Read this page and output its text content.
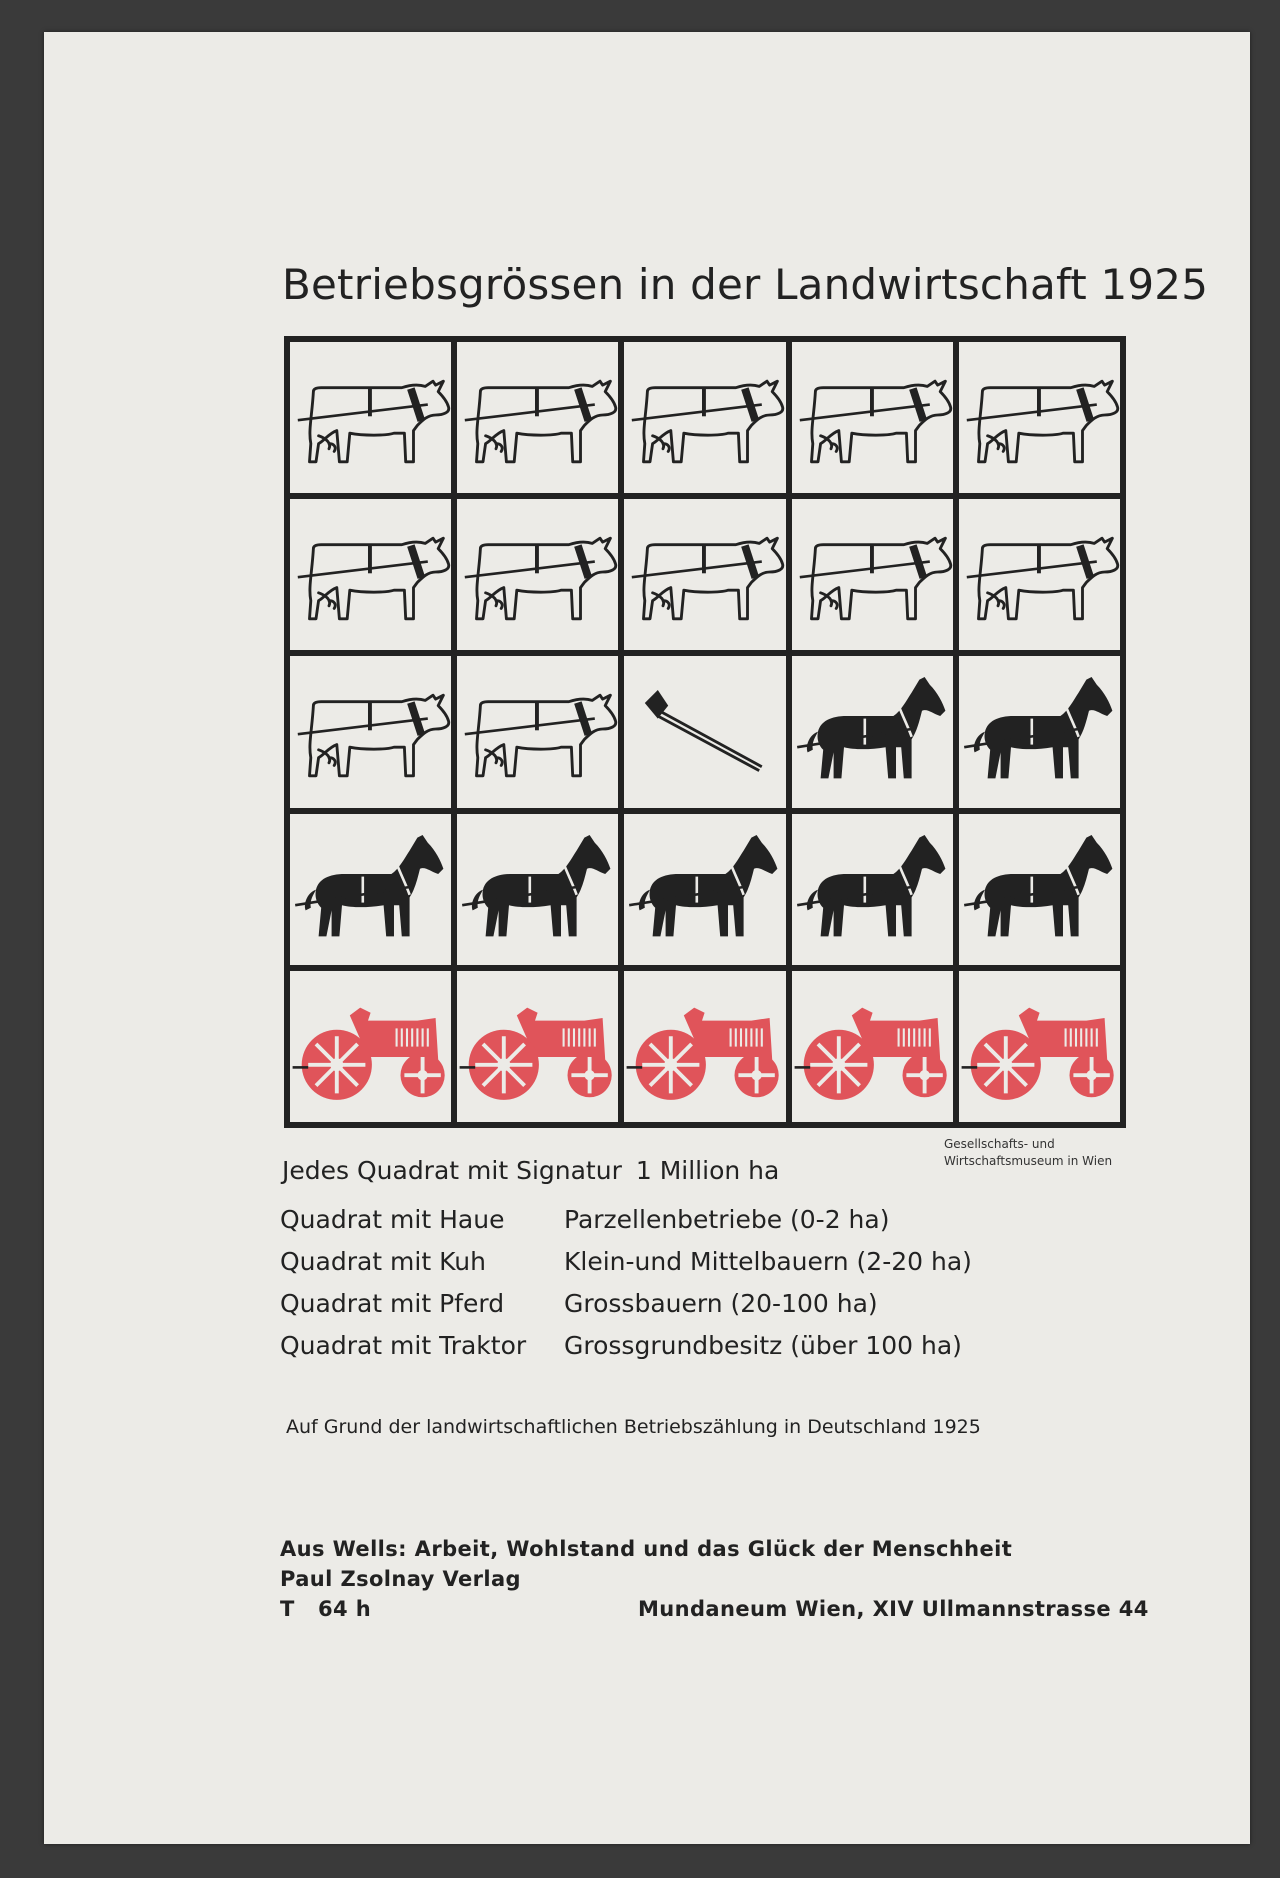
Betriebsgrössen in der Landwirtschaft 1925
Gesellschafts- und
Wirtschaftsmuseum in Wien
Jedes Quadrat mit Signatur 1 Million ha
Quadrat mit Haue	Parzellenbetriebe (0-2 ha)
Quadrat mit Kuh	Klein-und Mittelbauern (2-20 ha)
Quadrat mit Pferd	Grossbauern (20-100 ha)
Quadrat mit Traktor	Grossgrundbesitz (über 100 ha)
Auf Grund der landwirtschaftlichen Betriebszählung in Deutschland 1925
Aus Wells: Arbeit, Wohlstand und das Glück der Menschheit
Paul Zsolnay Verlag
T 64 h	Mundaneum Wien, XIV Ullmannstrasse 44
